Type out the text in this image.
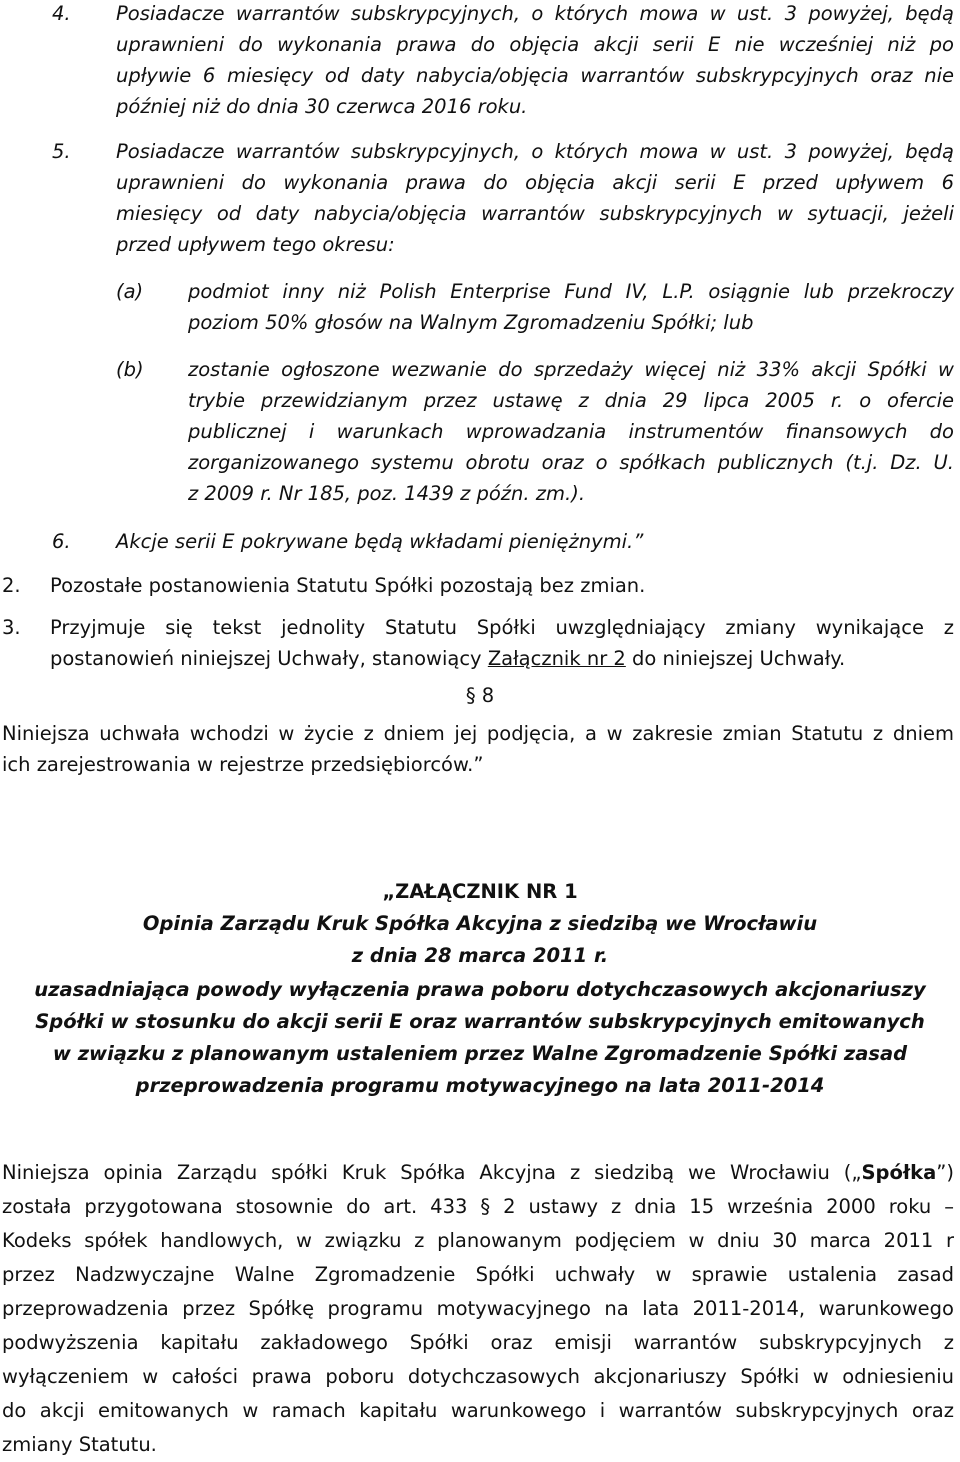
4. Posiadacze warrantów subskrypcyjnych, o których mowa w ust. 3 powyżej, będą
uprawnieni do wykonania prawa do objęcia akcji serii E nie wcześniej niż po
upływie 6 miesięcy od daty nabycia/objęcia warrantów subskrypcyjnych oraz nie
później niż do dnia 30 czerwca 2016 roku.
5. Posiadacze warrantów subskrypcyjnych, o których mowa w ust. 3 powyżej, będą
uprawnieni do wykonania prawa do objęcia akcji serii E przed upływem 6
miesięcy od daty nabycia/objęcia warrantów subskrypcyjnych w sytuacji, jeżeli
przed upływem tego okresu:
(a) podmiot inny niż Polish Enterprise Fund IV, L.P. osiągnie lub przekroczy
poziom 50% głosów na Walnym Zgromadzeniu Spółki; lub
(b) zostanie ogłoszone wezwanie do sprzedaży więcej niż 33% akcji Spółki w
trybie przewidzianym przez ustawę z dnia 29 lipca 2005 r. o ofercie
publicznej i warunkach wprowadzania instrumentów finansowych do
zorganizowanego systemu obrotu oraz o spółkach publicznych (t.j. Dz. U.
z 2009 r. Nr 185, poz. 1439 z późn. zm.).
6. Akcje serii E pokrywane będą wkładami pieniężnymi.”
2. Pozostałe postanowienia Statutu Spółki pozostają bez zmian.
3. Przyjmuje się tekst jednolity Statutu Spółki uwzględniający zmiany wynikające z
postanowień niniejszej Uchwały, stanowiący Załącznik nr 2 do niniejszej Uchwały.
§ 8
Niniejsza uchwała wchodzi w życie z dniem jej podjęcia, a w zakresie zmian Statutu z dniem
ich zarejestrowania w rejestrze przedsiębiorców.”
„ZAŁĄCZNIK NR 1
Opinia Zarządu Kruk Spółka Akcyjna z siedzibą we Wrocławiu
z dnia 28 marca 2011 r.
uzasadniająca powody wyłączenia prawa poboru dotychczasowych akcjonariuszy
Spółki w stosunku do akcji serii E oraz warrantów subskrypcyjnych emitowanych
w związku z planowanym ustaleniem przez Walne Zgromadzenie Spółki zasad
przeprowadzenia programu motywacyjnego na lata 2011-2014
Niniejsza opinia Zarządu spółki Kruk Spółka Akcyjna z siedzibą we Wrocławiu („Spółka”)
została przygotowana stosownie do art. 433 § 2 ustawy z dnia 15 września 2000 roku –
Kodeks spółek handlowych, w związku z planowanym podjęciem w dniu 30 marca 2011 r
przez Nadzwyczajne Walne Zgromadzenie Spółki uchwały w sprawie ustalenia zasad
przeprowadzenia przez Spółkę programu motywacyjnego na lata 2011-2014, warunkowego
podwyższenia kapitału zakładowego Spółki oraz emisji warrantów subskrypcyjnych z
wyłączeniem w całości prawa poboru dotychczasowych akcjonariuszy Spółki w odniesieniu
do akcji emitowanych w ramach kapitału warunkowego i warrantów subskrypcyjnych oraz
zmiany Statutu.
